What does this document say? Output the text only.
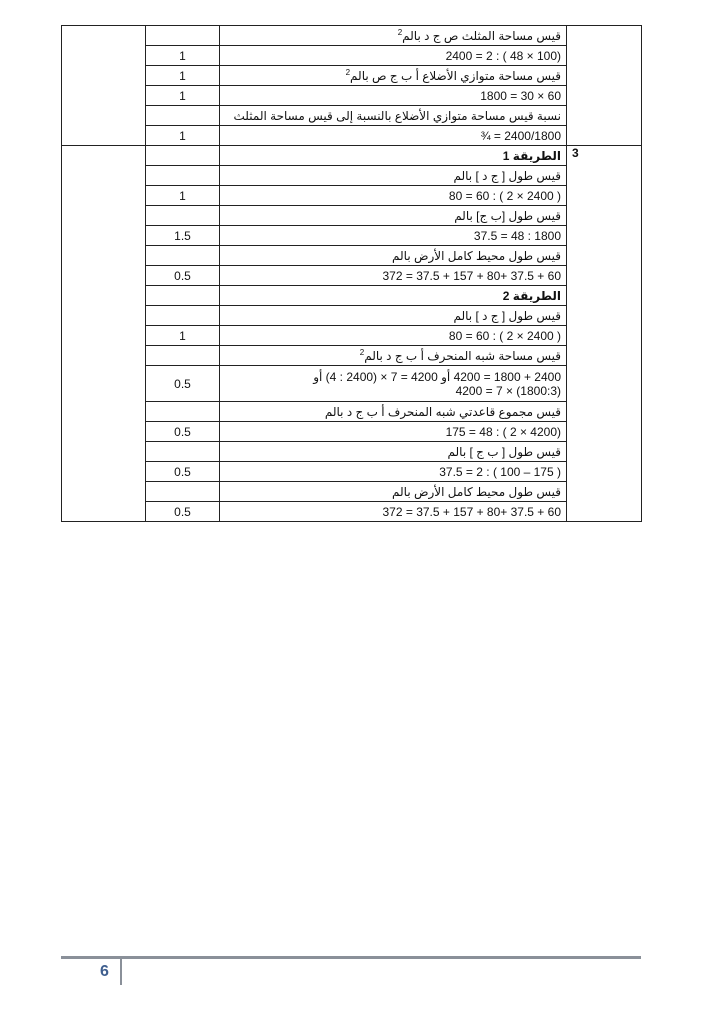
		قيس مساحة المثلث ص ج د بالم$^2$	
	1	2400 = 2 : ( 48 × 100)	
	1	قيس مساحة متوازي الأضلاع أ ب ج ص بالم$^2$
	1	1800 = 30 × 60	
		نسبة قيس مساحة متوازي الأضلاع بالنسبة إلى قيس مساحة المثلث	
	1	¾ = 2400/1800	
		الطريقة 1	3
		قيس طول [ ج د ] بالم	
	1	80 = 60 : ( 2 × 2400 )	
		قيس طول [ب ج] بالم	
	1.5	37.5 = 48 : 1800	
		قيس طول محيط كامل الأرض بالم	
	0.5	372 = 37.5 + 157 + 80+ 37.5 + 60	
		الطريقة 2	
		قيس طول [ ج د ] بالم	
	1	80 = 60 : ( 2 × 2400 )	
		قيس مساحة شبه المنحرف أ ب ج د بالم$^2$
	0.5	4200 = 1800 + 2400 أو (4 : 2400) × 7 = 4200 أو
4200 = 7 × (1800:3)	
		قيس مجموع قاعدتي شبه المنحرف أ ب ج د بالم	
	0.5	175 = 48 : ( 2 × 4200)	
		قيس طول [ ب ج ] بالم	
	0.5	37.5 = 2 : ( 100 – 175 )	
		قيس طول محيط كامل الأرض بالم	
	0.5	372 = 37.5 + 157 + 80+ 37.5 + 60	
6
